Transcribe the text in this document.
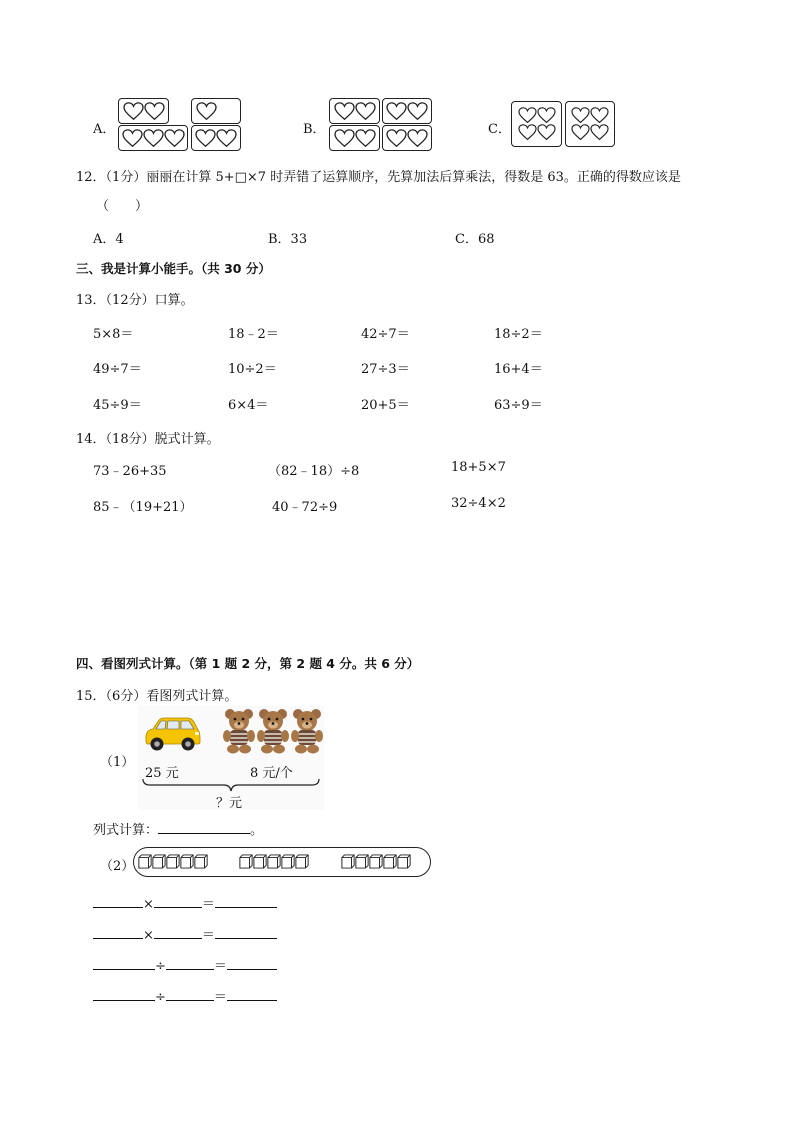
A．	B．	C．
12．（1分）丽丽在计算 5+□×7 时弄错了运算顺序，先算加法后算乘法，得数是 63。正确的得数应该是
（　　）
A．4	B．33	C．68
三、我是计算小能手。（共 30 分）
13．（12分）口算。
5×8＝	18﹣2＝	42÷7＝	18÷2＝
49÷7＝	10÷2＝	27÷3＝	16+4＝
45÷9＝	6×4＝	20+5＝	63÷9＝
14．（18分）脱式计算。
73﹣26+35	（82﹣18）÷8	18+5×7
85﹣（19+21）	40﹣72÷9	32÷4×2
四、看图列式计算。（第 1 题 2 分，第 2 题 4 分。共 6 分）
15．（6分）看图列式计算。
（1）
25 元	8 元/个
？元
列式计算：	。
（2）
×	＝
×	＝
÷	＝
÷	＝
